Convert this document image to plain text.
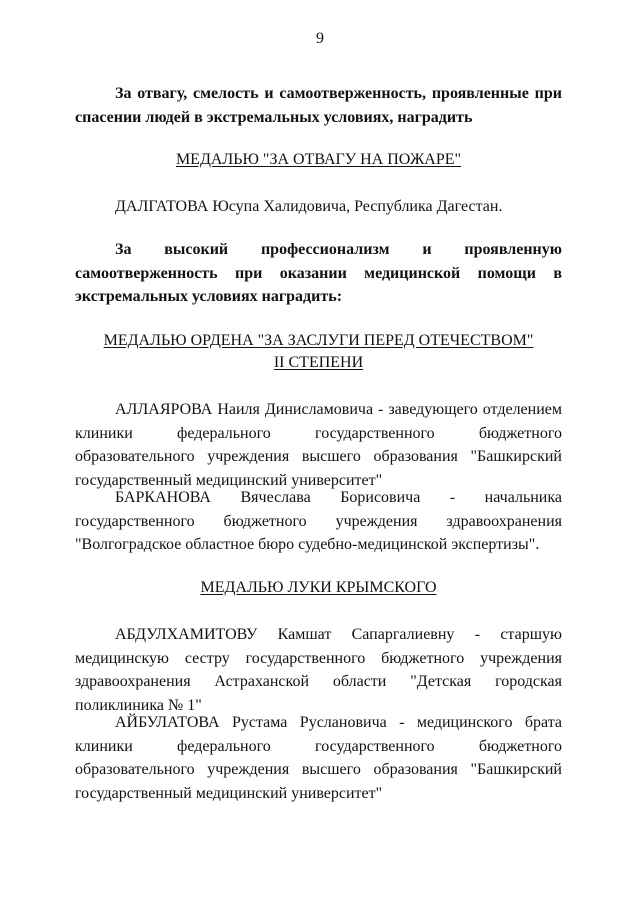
9

За отвагу, смелость и самоотверженность, проявленные при спасении людей в экстремальных условиях, наградить

МЕДАЛЬЮ "ЗА ОТВАГУ НА ПОЖАРЕ"

ДАЛГАТОВА Юсупа Халидовича, Республика Дагестан.

За высокий профессионализм и проявленную самоотверженность при оказании медицинской помощи в экстремальных условиях наградить:

МЕДАЛЬЮ ОРДЕНА "ЗА ЗАСЛУГИ ПЕРЕД ОТЕЧЕСТВОМ"

II СТЕПЕНИ

АЛЛАЯРОВА Наиля Динисламовича - заведующего отделением клиники федерального государственного бюджетного образовательного учреждения высшего образования "Башкирский государственный медицинский университет"

БАРКАНОВА Вячеслава Борисовича - начальника государственного бюджетного учреждения здравоохранения "Волгоградское областное бюро судебно-медицинской экспертизы".

МЕДАЛЬЮ ЛУКИ КРЫМСКОГО

АБДУЛХАМИТОВУ Камшат Сапаргалиевну - старшую медицинскую сестру государственного бюджетного учреждения здравоохранения Астраханской области "Детская городская поликлиника № 1"

АЙБУЛАТОВА Рустама Руслановича - медицинского брата клиники федерального государственного бюджетного образовательного учреждения высшего образования "Башкирский государственный медицинский университет"
